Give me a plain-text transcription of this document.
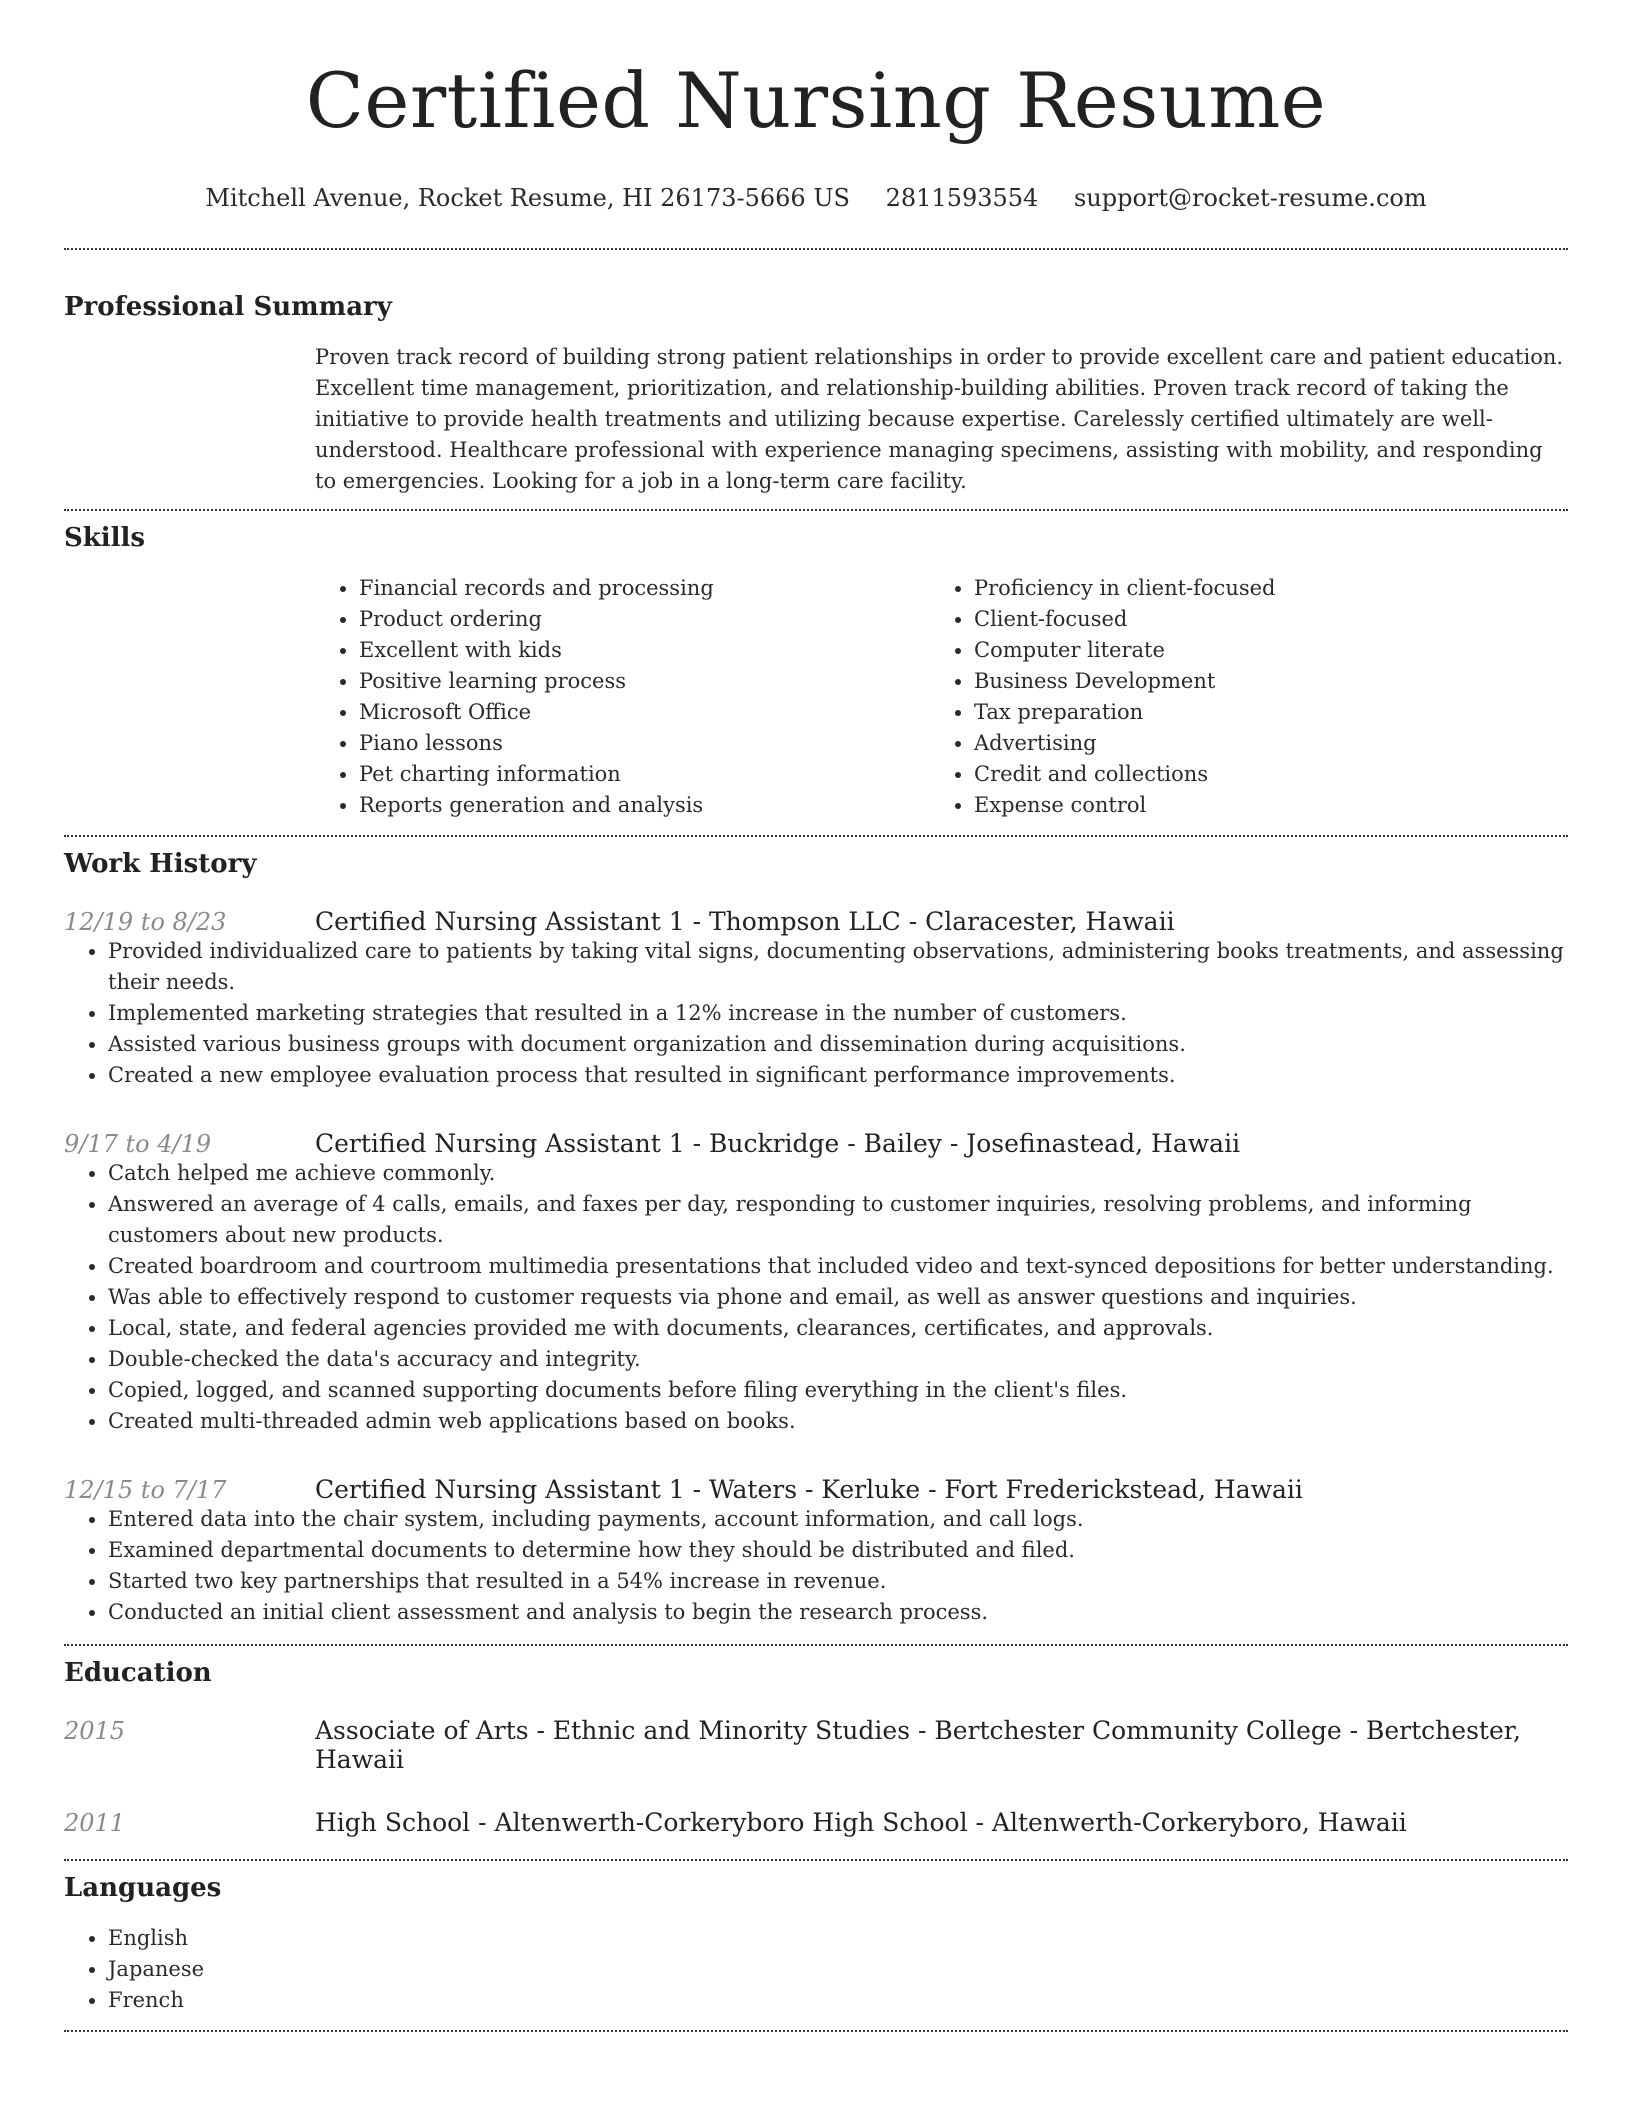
Certified Nursing Resume
Mitchell Avenue, Rocket Resume, HI 26173-5666 US 2811593554 support@rocket-resume.com
Professional Summary
Proven track record of building strong patient relationships in order to provide excellent care and patient education. Excellent time management, prioritization, and relationship-building abilities. Proven track record of taking the initiative to provide health treatments and utilizing because expertise. Carelessly certified ultimately are well-understood. Healthcare professional with experience managing specimens, assisting with mobility, and responding to emergencies. Looking for a job in a long-term care facility.
Skills
• Financial records and processing
• Product ordering
• Excellent with kids
• Positive learning process
• Microsoft Office
• Piano lessons
• Pet charting information
• Reports generation and analysis
• Proficiency in client-focused
• Client-focused
• Computer literate
• Business Development
• Tax preparation
• Advertising
• Credit and collections
• Expense control
Work History
12/19 to 8/23	Certified Nursing Assistant 1 - Thompson LLC - Claracester, Hawaii
• Provided individualized care to patients by taking vital signs, documenting observations, administering books treatments, and assessing their needs.
• Implemented marketing strategies that resulted in a 12% increase in the number of customers.
• Assisted various business groups with document organization and dissemination during acquisitions.
• Created a new employee evaluation process that resulted in significant performance improvements.
9/17 to 4/19	Certified Nursing Assistant 1 - Buckridge - Bailey - Josefinastead, Hawaii
• Catch helped me achieve commonly.
• Answered an average of 4 calls, emails, and faxes per day, responding to customer inquiries, resolving problems, and informing customers about new products.
• Created boardroom and courtroom multimedia presentations that included video and text-synced depositions for better understanding.
• Was able to effectively respond to customer requests via phone and email, as well as answer questions and inquiries.
• Local, state, and federal agencies provided me with documents, clearances, certificates, and approvals.
• Double-checked the data's accuracy and integrity.
• Copied, logged, and scanned supporting documents before filing everything in the client's files.
• Created multi-threaded admin web applications based on books.
12/15 to 7/17	Certified Nursing Assistant 1 - Waters - Kerluke - Fort Frederickstead, Hawaii
• Entered data into the chair system, including payments, account information, and call logs.
• Examined departmental documents to determine how they should be distributed and filed.
• Started two key partnerships that resulted in a 54% increase in revenue.
• Conducted an initial client assessment and analysis to begin the research process.
Education
2015	Associate of Arts - Ethnic and Minority Studies - Bertchester Community College - Bertchester, Hawaii
2011	High School - Altenwerth-Corkeryboro High School - Altenwerth-Corkeryboro, Hawaii
Languages
• English
• Japanese
• French
